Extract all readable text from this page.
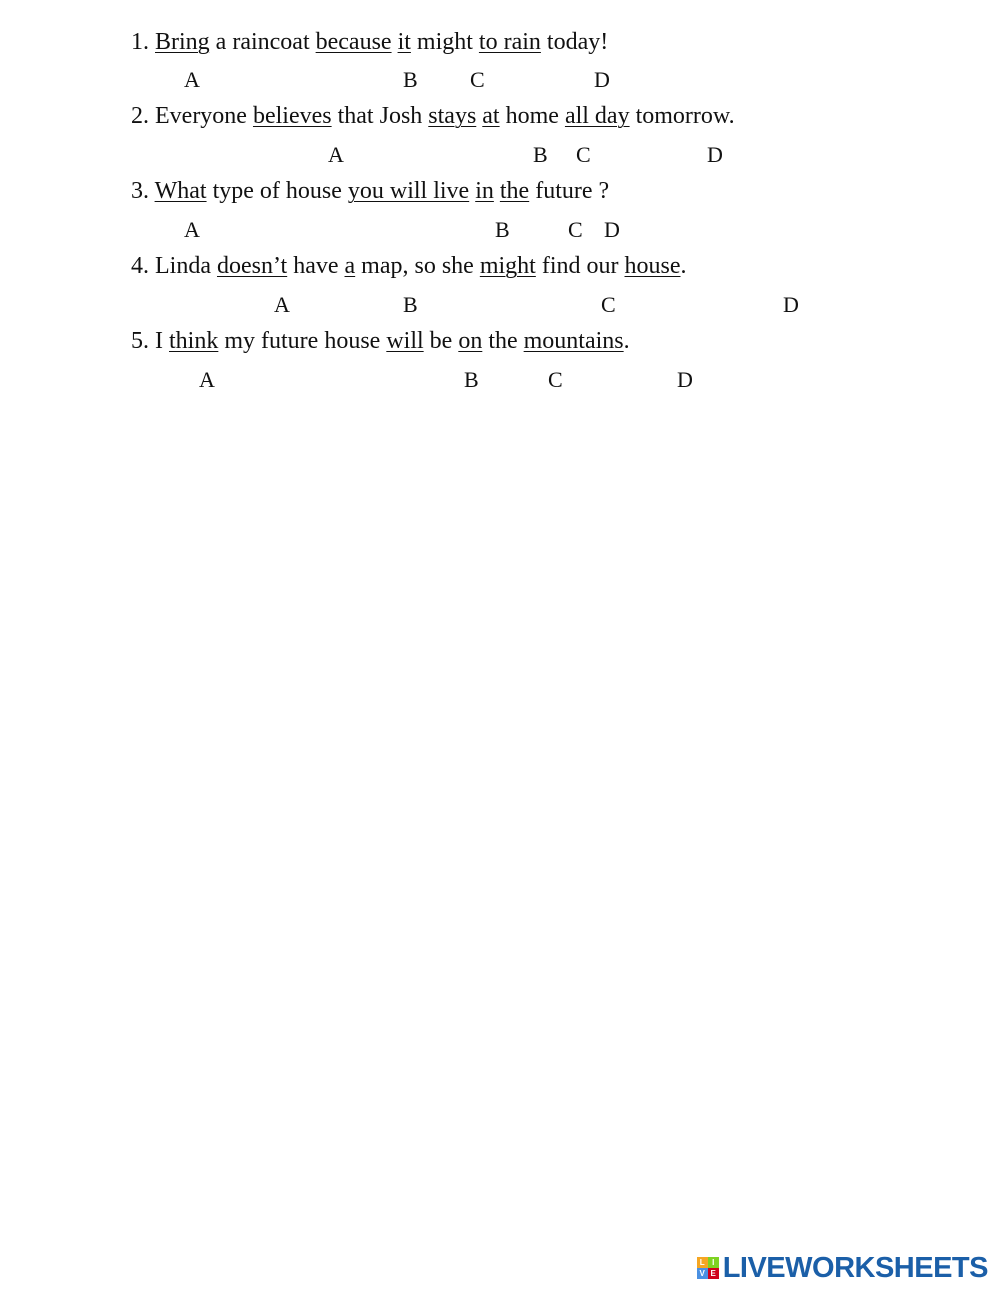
1. Bring a raincoat because it might to rain today!
A	B C	D
2. Everyone believes that Josh stays at home all day tomorrow.
A	B C	D
3. What type of house you will live in the future ?
A	B	C D
4. Linda doesn’t have a map, so she might find our house.
A	B	C	D
5. I think my future house will be on the mountains.
A	B	C	D
L I
V E LIVEWORKSHEETS
